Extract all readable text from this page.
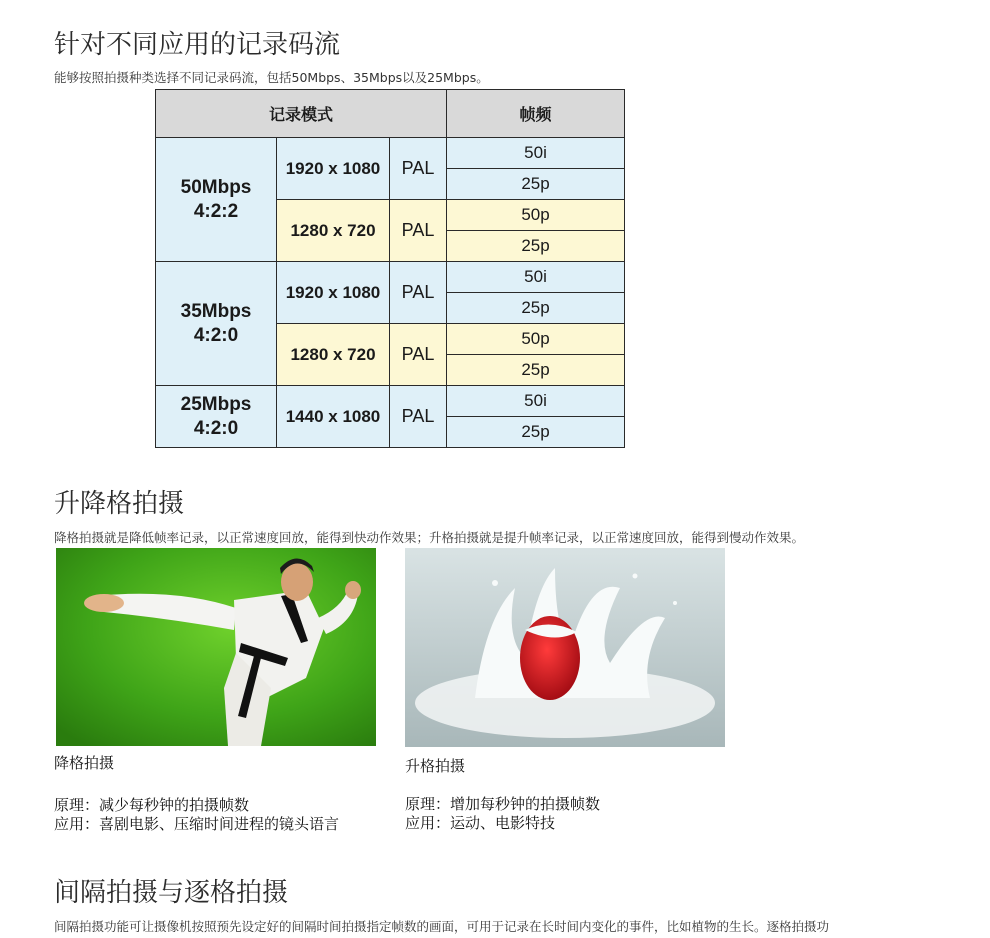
针对不同应用的记录码流
能够按照拍摄种类选择不同记录码流，包括50Mbps、35Mbps以及25Mbps。
记录模式			帧频

50Mbps
4:2:2	1920 x 1080	PAL	50i
			25p
	1280 x 720	PAL	50p
			25p

35Mbps
4:2:0	1920 x 1080	PAL	50i
			25p
	1280 x 720	PAL	50p
			25p

25Mbps
4:2:0	1440 x 1080	PAL	50i
			25p
升降格拍摄
降格拍摄就是降低帧率记录，以正常速度回放，能得到快动作效果；升格拍摄就是提升帧率记录，以正常速度回放，能得到慢动作效果。
降格拍摄
原理：减少每秒钟的拍摄帧数
应用：喜剧电影、压缩时间进程的镜头语言
升格拍摄
原理：增加每秒钟的拍摄帧数
应用：运动、电影特技
间隔拍摄与逐格拍摄
间隔拍摄功能可让摄像机按照预先设定好的间隔时间拍摄指定帧数的画面，可用于记录在长时间内变化的事件，比如植物的生长。逐格拍摄功
